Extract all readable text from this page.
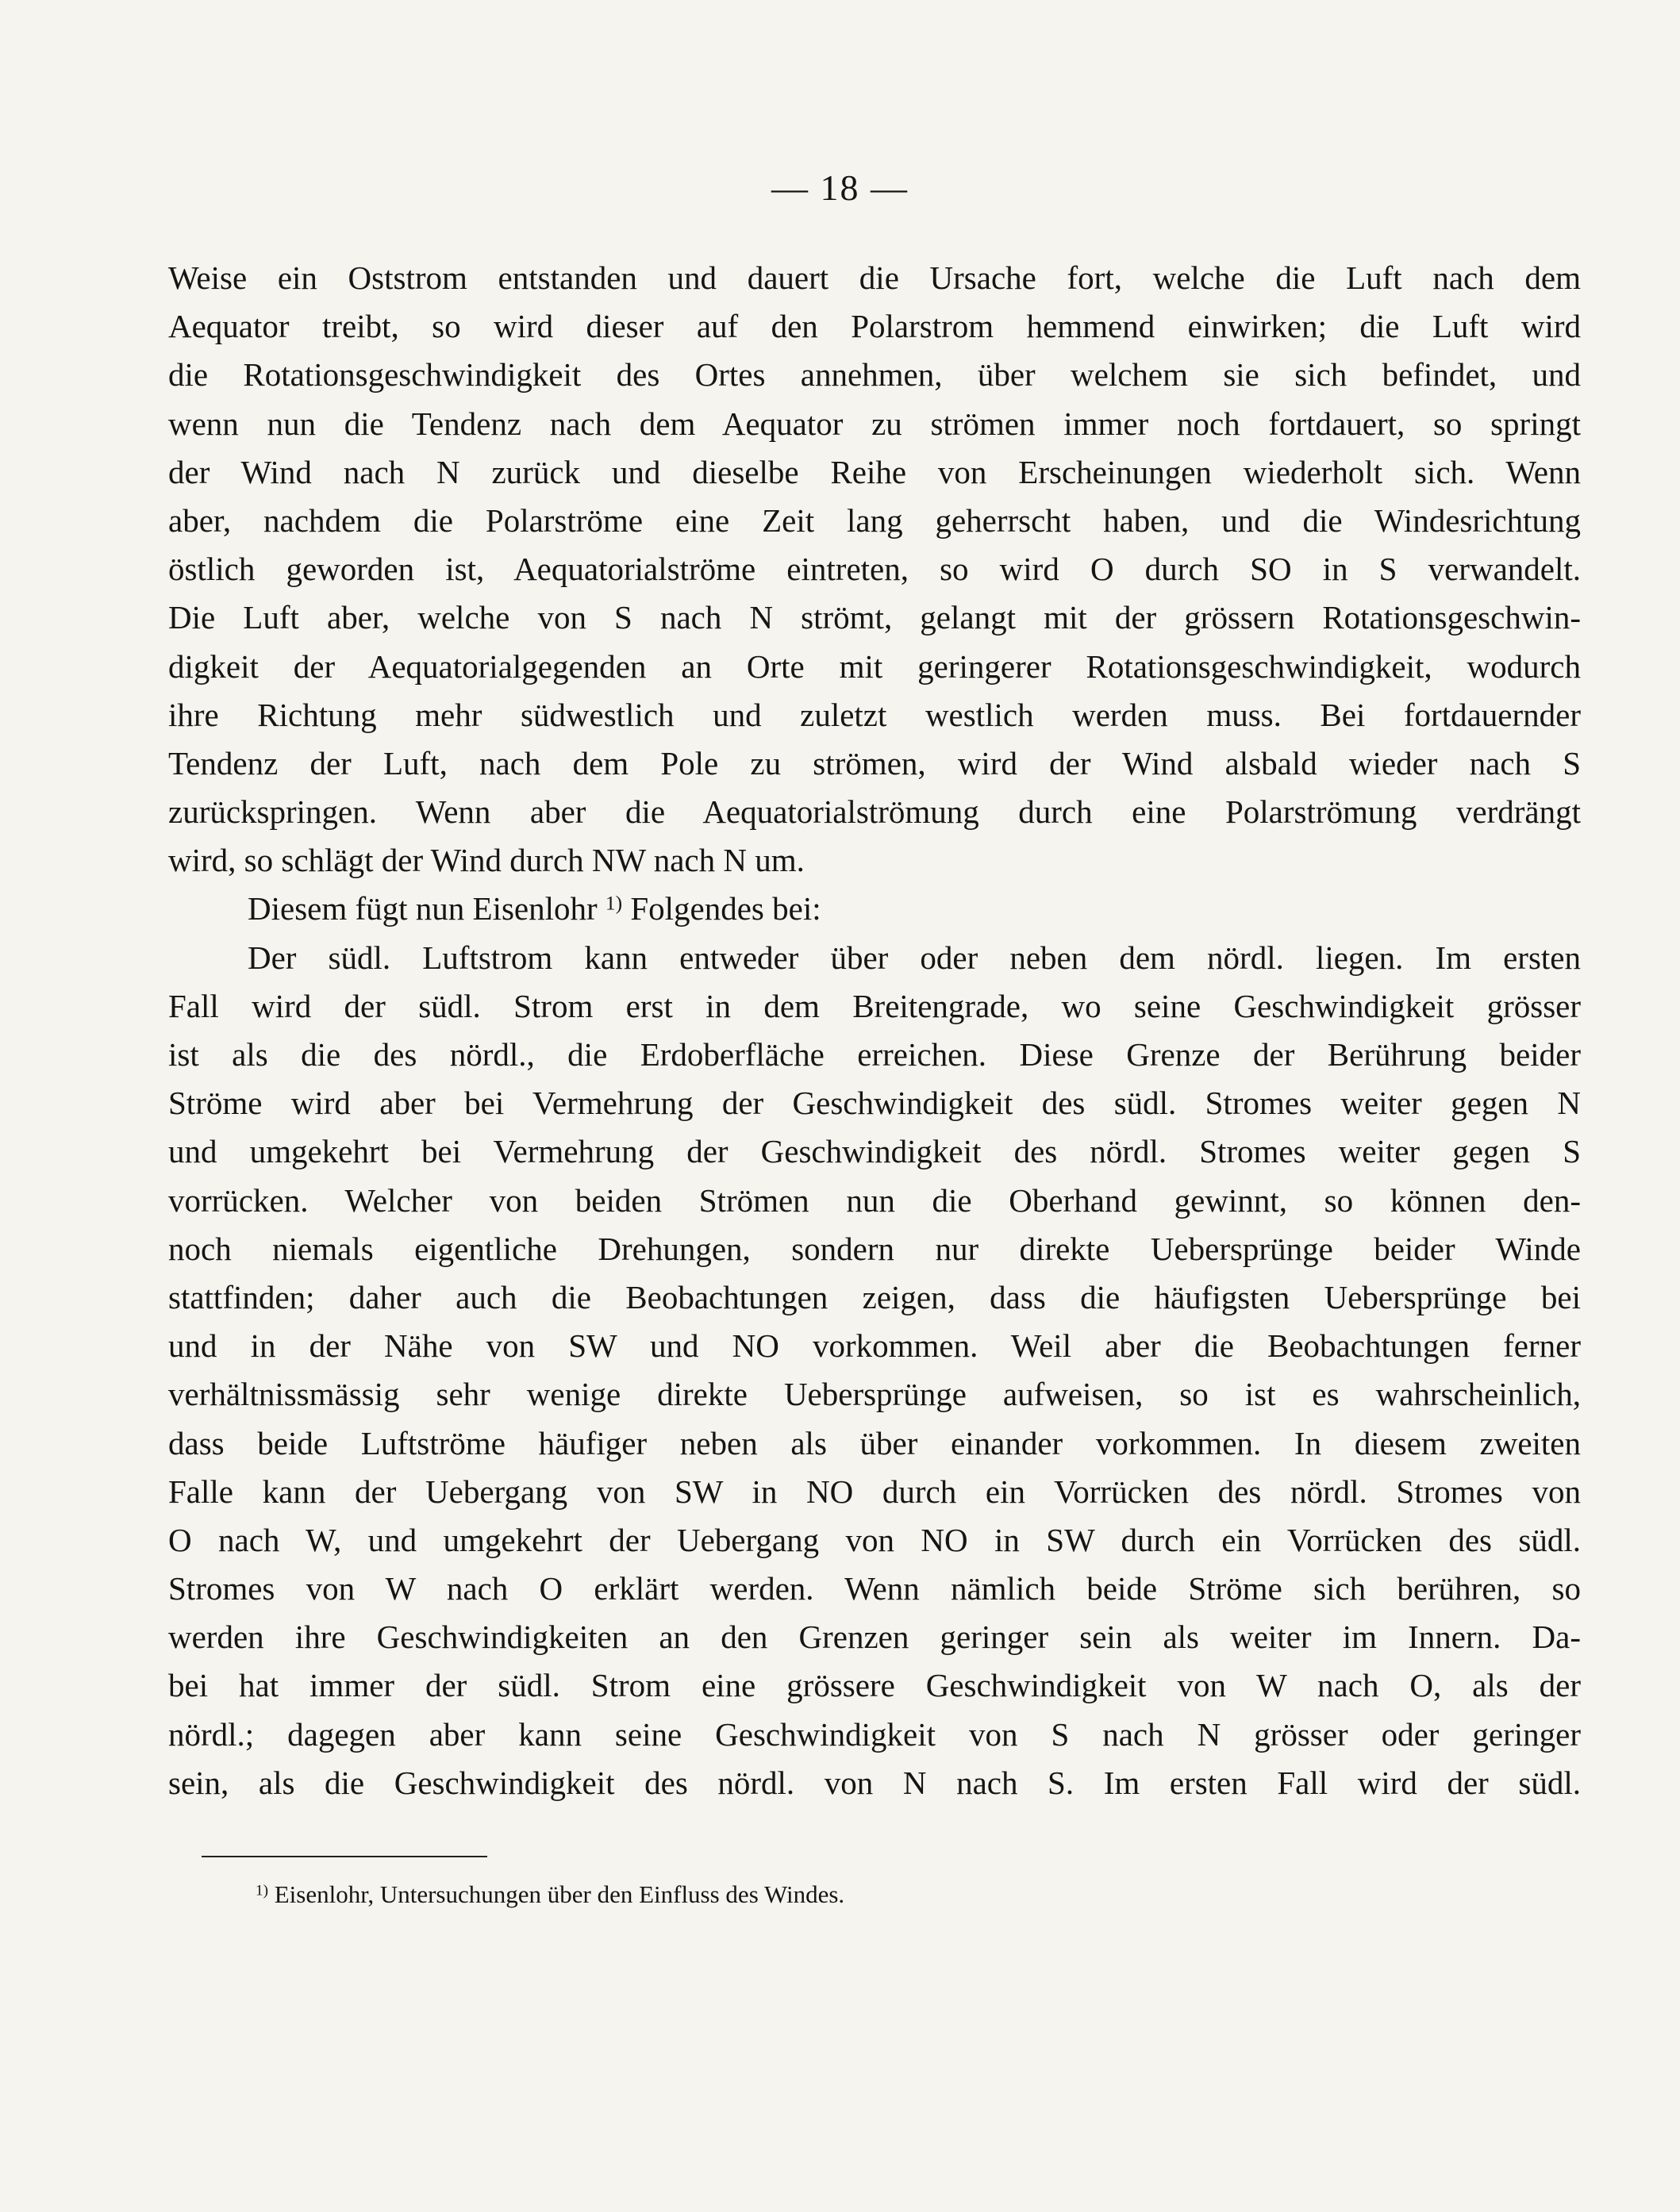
— 18 —
Weise ein Oststrom entstanden und dauert die Ursache fort, welche die Luft nach dem
Aequator treibt, so wird dieser auf den Polarstrom hemmend einwirken; die Luft wird
die Rotationsgeschwindigkeit des Ortes annehmen, über welchem sie sich befindet, und
wenn nun die Tendenz nach dem Aequator zu strömen immer noch fortdauert, so springt
der Wind nach N zurück und dieselbe Reihe von Erscheinungen wiederholt sich. Wenn
aber, nachdem die Polarströme eine Zeit lang geherrscht haben, und die Windesrichtung
östlich geworden ist, Aequatorialströme eintreten, so wird O durch SO in S verwandelt.
Die Luft aber, welche von S nach N strömt, gelangt mit der grössern Rotationsgeschwin-
digkeit der Aequatorialgegenden an Orte mit geringerer Rotationsgeschwindigkeit, wodurch
ihre Richtung mehr südwestlich und zuletzt westlich werden muss. Bei fortdauernder
Tendenz der Luft, nach dem Pole zu strömen, wird der Wind alsbald wieder nach S
zurückspringen. Wenn aber die Aequatorialströmung durch eine Polarströmung verdrängt
wird, so schlägt der Wind durch NW nach N um.
Diesem fügt nun Eisenlohr $^{1)}$ Folgendes bei:
Der südl. Luftstrom kann entweder über oder neben dem nördl. liegen. Im ersten
Fall wird der südl. Strom erst in dem Breitengrade, wo seine Geschwindigkeit grösser
ist als die des nördl., die Erdoberfläche erreichen. Diese Grenze der Berührung beider
Ströme wird aber bei Vermehrung der Geschwindigkeit des südl. Stromes weiter gegen N
und umgekehrt bei Vermehrung der Geschwindigkeit des nördl. Stromes weiter gegen S
vorrücken. Welcher von beiden Strömen nun die Oberhand gewinnt, so können den-
noch niemals eigentliche Drehungen, sondern nur direkte Uebersprünge beider Winde
stattfinden; daher auch die Beobachtungen zeigen, dass die häufigsten Uebersprünge bei
und in der Nähe von SW und NO vorkommen. Weil aber die Beobachtungen ferner
verhältnissmässig sehr wenige direkte Uebersprünge aufweisen, so ist es wahrscheinlich,
dass beide Luftströme häufiger neben als über einander vorkommen. In diesem zweiten
Falle kann der Uebergang von SW in NO durch ein Vorrücken des nördl. Stromes von
O nach W, und umgekehrt der Uebergang von NO in SW durch ein Vorrücken des südl.
Stromes von W nach O erklärt werden. Wenn nämlich beide Ströme sich berühren, so
werden ihre Geschwindigkeiten an den Grenzen geringer sein als weiter im Innern. Da-
bei hat immer der südl. Strom eine grössere Geschwindigkeit von W nach O, als der
nördl.; dagegen aber kann seine Geschwindigkeit von S nach N grösser oder geringer
sein, als die Geschwindigkeit des nördl. von N nach S. Im ersten Fall wird der südl.
$^{1)}$ Eisenlohr, Untersuchungen über den Einfluss des Windes.
